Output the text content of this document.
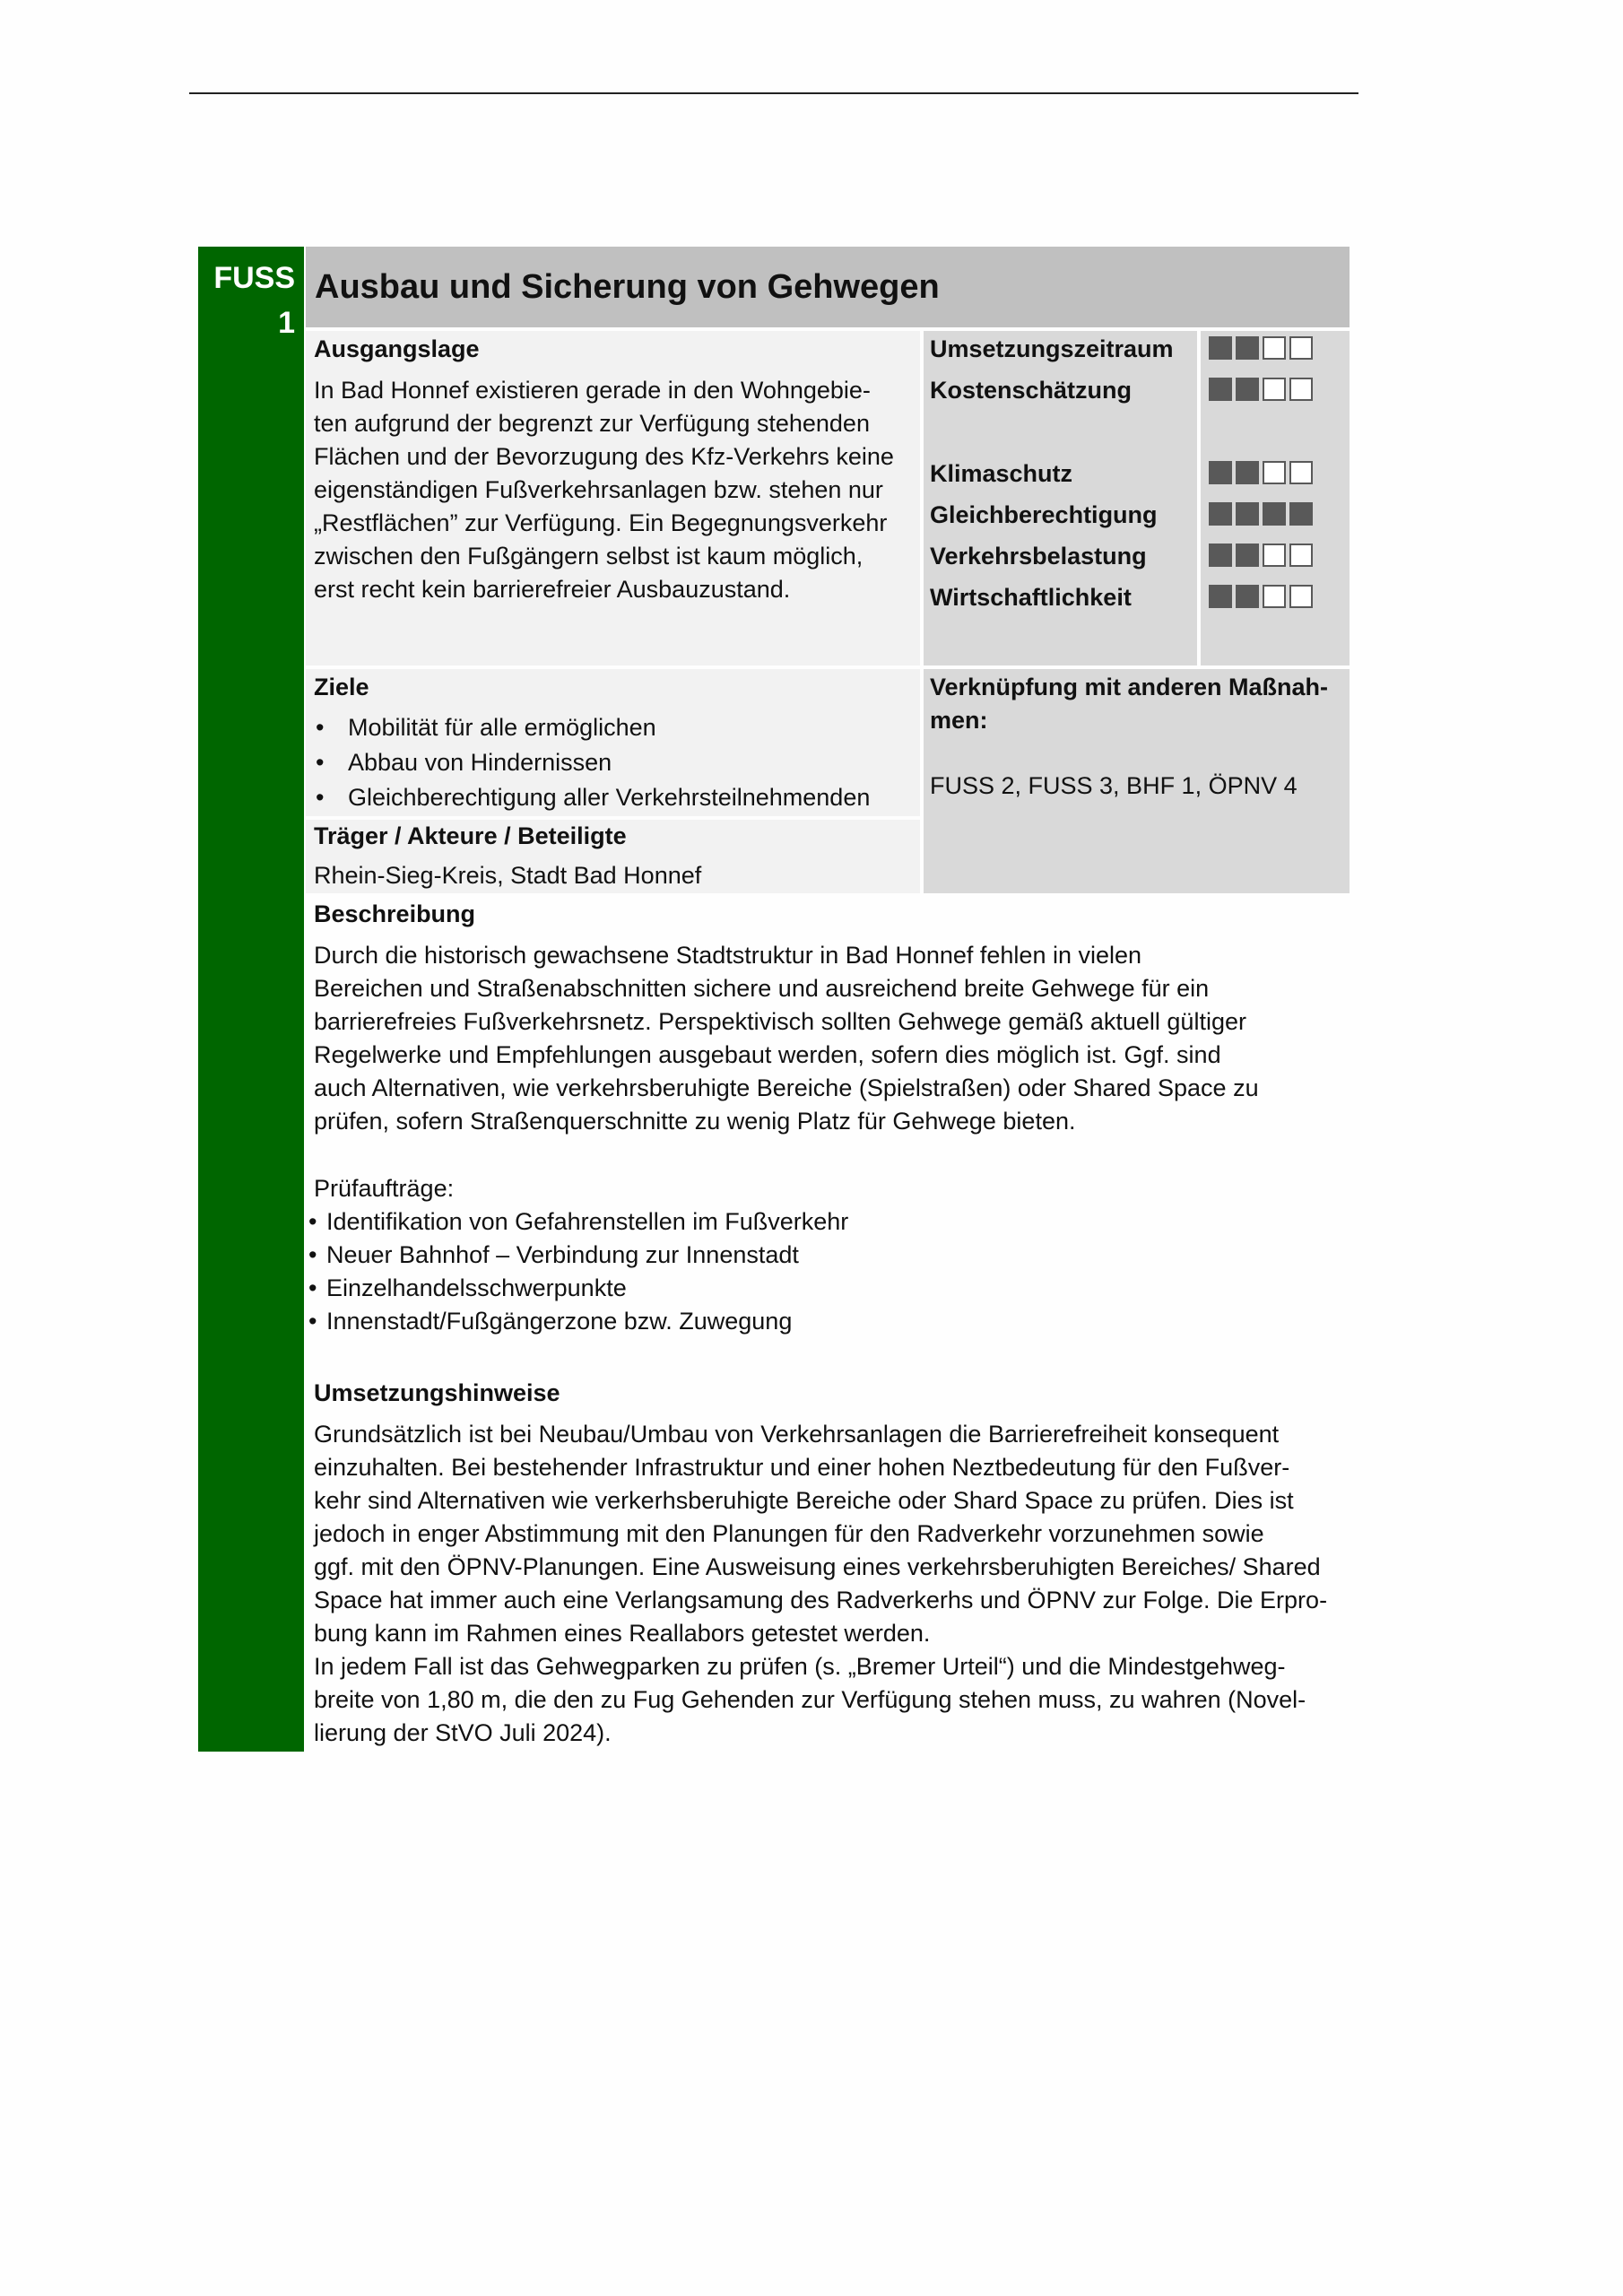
FUSS
1
Ausbau und Sicherung von Gehwegen
Ausgangslage
In Bad Honnef existieren gerade in den Wohngebie-
ten aufgrund der begrenzt zur Verfügung stehenden
Flächen und der Bevorzugung des Kfz-Verkehrs keine
eigenständigen Fußverkehrsanlagen bzw. stehen nur
„Restflächen” zur Verfügung. Ein Begegnungsverkehr
zwischen den Fußgängern selbst ist kaum möglich,
erst recht kein barrierefreier Ausbauzustand.
Umsetzungszeitraum
Kostenschätzung
Klimaschutz
Gleichberechtigung
Verkehrsbelastung
Wirtschaftlichkeit
Ziele
• Mobilität für alle ermöglichen
• Abbau von Hindernissen
• Gleichberechtigung aller Verkehrsteilnehmenden
Träger / Akteure / Beteiligte
Rhein-Sieg-Kreis, Stadt Bad Honnef
Verknüpfung mit anderen Maßnah-
men:
FUSS 2, FUSS 3, BHF 1, ÖPNV 4
Beschreibung
Durch die historisch gewachsene Stadtstruktur in Bad Honnef fehlen in vielen
Bereichen und Straßenabschnitten sichere und ausreichend breite Gehwege für ein
barrierefreies Fußverkehrsnetz. Perspektivisch sollten Gehwege gemäß aktuell gültiger
Regelwerke und Empfehlungen ausgebaut werden, sofern dies möglich ist. Ggf. sind
auch Alternativen, wie verkehrsberuhigte Bereiche (Spielstraßen) oder Shared Space zu
prüfen, sofern Straßenquerschnitte zu wenig Platz für Gehwege bieten.
Prüfaufträge:
• Identifikation von Gefahrenstellen im Fußverkehr
• Neuer Bahnhof – Verbindung zur Innenstadt
• Einzelhandelsschwerpunkte
• Innenstadt/Fußgängerzone bzw. Zuwegung
Umsetzungshinweise
Grundsätzlich ist bei Neubau/Umbau von Verkehrsanlagen die Barrierefreiheit konsequent
einzuhalten. Bei bestehender Infrastruktur und einer hohen Neztbedeutung für den Fußver-
kehr sind Alternativen wie verkerhsberuhigte Bereiche oder Shard Space zu prüfen. Dies ist
jedoch in enger Abstimmung mit den Planungen für den Radverkehr vorzunehmen sowie
ggf. mit den ÖPNV-Planungen. Eine Ausweisung eines verkehrsberuhigten Bereiches/ Shared
Space hat immer auch eine Verlangsamung des Radverkerhs und ÖPNV zur Folge. Die Erpro-
bung kann im Rahmen eines Reallabors getestet werden.
In jedem Fall ist das Gehwegparken zu prüfen (s. „Bremer Urteil“) und die Mindestgehweg-
breite von 1,80 m, die den zu Fug Gehenden zur Verfügung stehen muss, zu wahren (Novel-
lierung der StVO Juli 2024).
